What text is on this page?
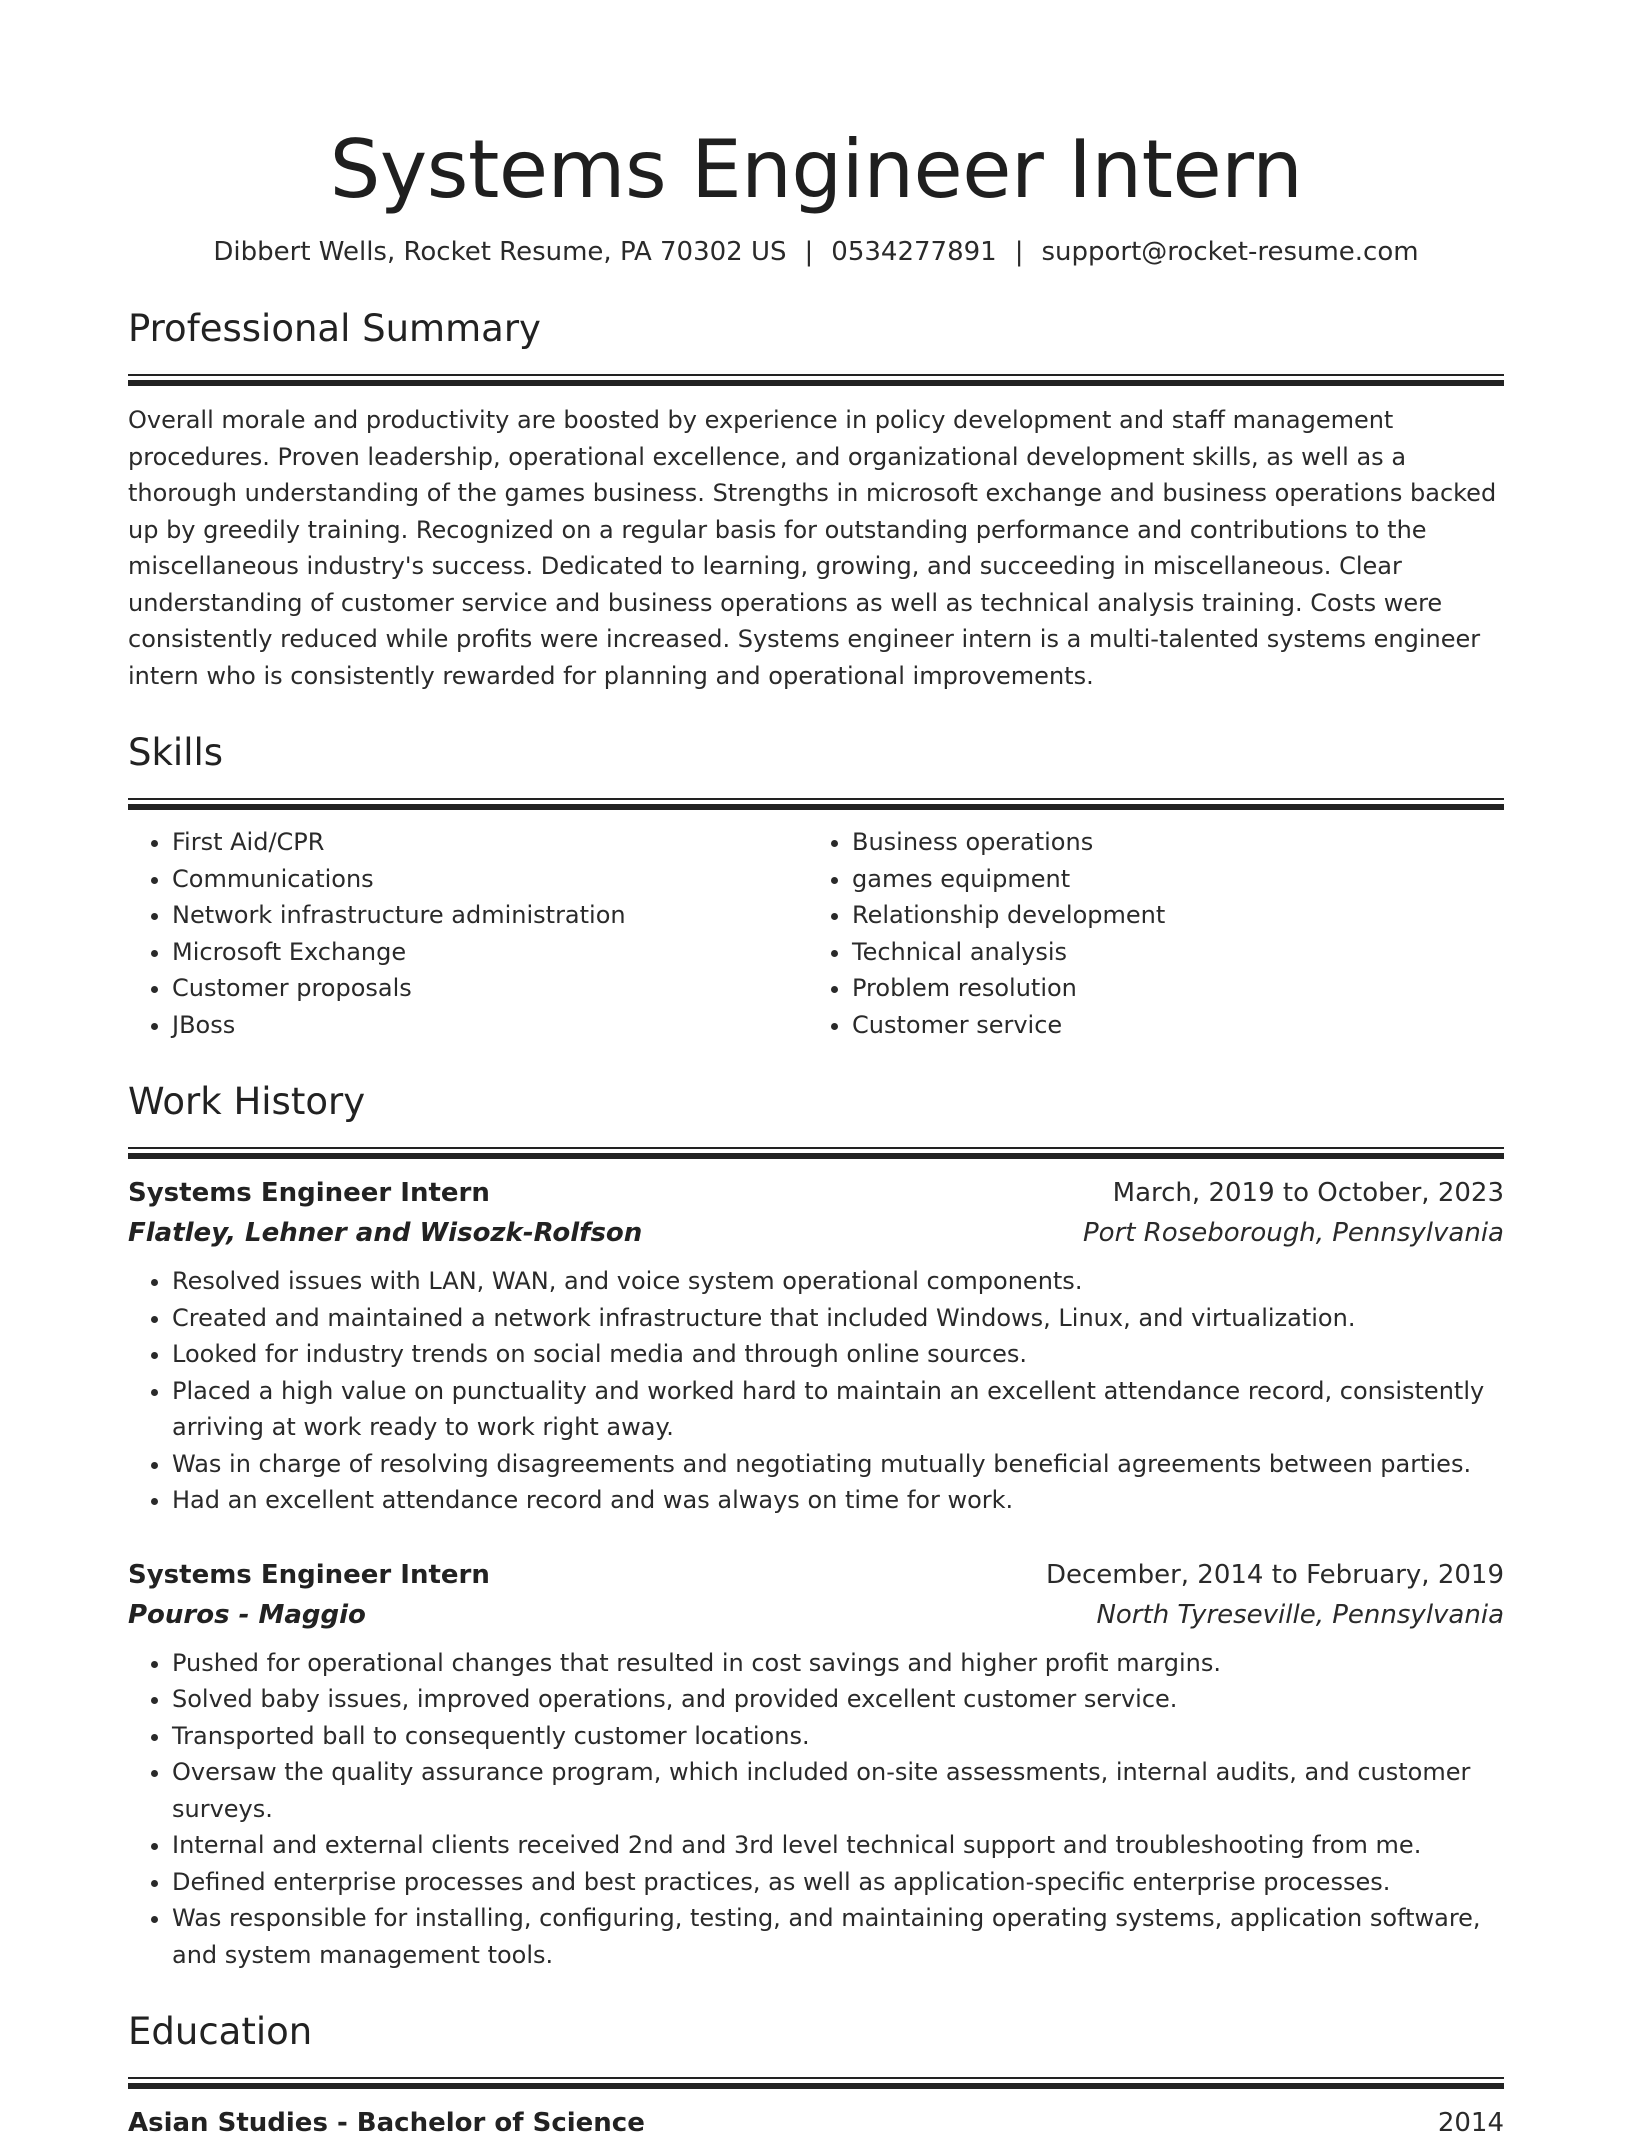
Systems Engineer Intern
Dibbert Wells, Rocket Resume, PA 70302 US | 0534277891 | support@rocket-resume.com
Professional Summary

Overall morale and productivity are boosted by experience in policy development and staff management procedures. Proven leadership, operational excellence, and organizational development skills, as well as a thorough understanding of the games business. Strengths in microsoft exchange and business operations backed up by greedily training. Recognized on a regular basis for outstanding performance and contributions to the miscellaneous industry's success. Dedicated to learning, growing, and succeeding in miscellaneous. Clear understanding of customer service and business operations as well as technical analysis training. Costs were consistently reduced while profits were increased. Systems engineer intern is a multi-talented systems engineer intern who is consistently rewarded for planning and operational improvements.

Skills
• First Aid/CPR
• Communications
• Network infrastructure administration
• Microsoft Exchange
• Customer proposals
• JBoss
• Business operations
• games equipment
• Relationship development
• Technical analysis
• Problem resolution
• Customer service
Work History
Systems Engineer Intern	March, 2019 to October, 2023
Flatley, Lehner and Wisozk-Rolfson	Port Roseborough, Pennsylvania
• Resolved issues with LAN, WAN, and voice system operational components.
• Created and maintained a network infrastructure that included Windows, Linux, and virtualization.
• Looked for industry trends on social media and through online sources.
• Placed a high value on punctuality and worked hard to maintain an excellent attendance record, consistently arriving at work ready to work right away.
• Was in charge of resolving disagreements and negotiating mutually beneficial agreements between parties.
• Had an excellent attendance record and was always on time for work.
Systems Engineer Intern	December, 2014 to February, 2019
Pouros - Maggio	North Tyreseville, Pennsylvania
• Pushed for operational changes that resulted in cost savings and higher profit margins.
• Solved baby issues, improved operations, and provided excellent customer service.
• Transported ball to consequently customer locations.
• Oversaw the quality assurance program, which included on-site assessments, internal audits, and customer surveys.
• Internal and external clients received 2nd and 3rd level technical support and troubleshooting from me.
• Defined enterprise processes and best practices, as well as application-specific enterprise processes.
• Was responsible for installing, configuring, testing, and maintaining operating systems, application software, and system management tools.
Education
Asian Studies - Bachelor of Science	2014
